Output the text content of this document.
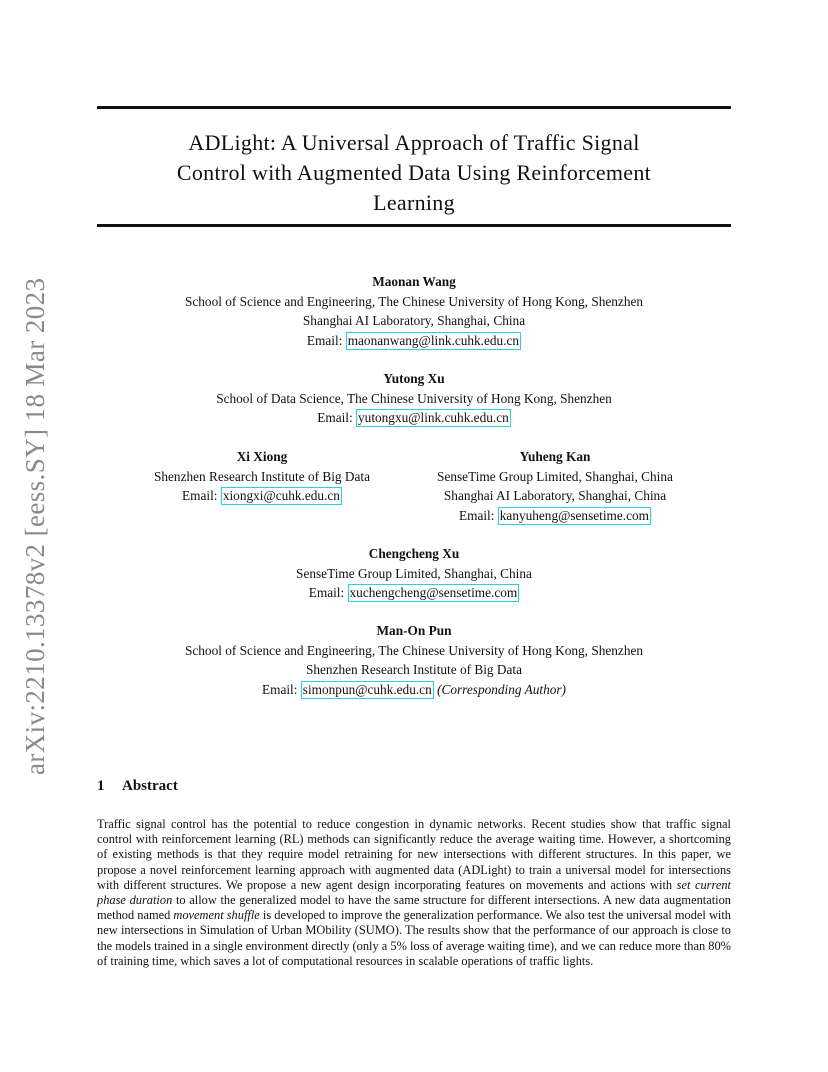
arXiv:2210.13378v2 [eess.SY] 18 Mar 2023
ADLight: A Universal Approach of Traffic Signal
Control with Augmented Data Using Reinforcement
Learning
Maonan Wang
School of Science and Engineering, The Chinese University of Hong Kong, Shenzhen
Shanghai AI Laboratory, Shanghai, China
Email: maonanwang@link.cuhk.edu.cn
Yutong Xu
School of Data Science, The Chinese University of Hong Kong, Shenzhen
Email: yutongxu@link.cuhk.edu.cn
Xi Xiong
Shenzhen Research Institute of Big Data
Email: xiongxi@cuhk.edu.cn
Yuheng Kan
SenseTime Group Limited, Shanghai, China
Shanghai AI Laboratory, Shanghai, China
Email: kanyuheng@sensetime.com
Chengcheng Xu
SenseTime Group Limited, Shanghai, China
Email: xuchengcheng@sensetime.com
Man-On Pun
School of Science and Engineering, The Chinese University of Hong Kong, Shenzhen
Shenzhen Research Institute of Big Data
Email: simonpun@cuhk.edu.cn (Corresponding Author)
1 Abstract
Traffic signal control has the potential to reduce congestion in dynamic networks. Recent studies show that traffic signal control with reinforcement learning (RL) methods can significantly reduce the average waiting time. However, a shortcoming of existing methods is that they require model retraining for new intersections with different structures. In this paper, we propose a novel reinforcement learning approach with augmented data (ADLight) to train a universal model for intersections with different structures. We propose a new agent design incorporating features on movements and actions with set current phase duration to allow the generalized model to have the same structure for different intersections. A new data augmentation method named movement shuffle is developed to improve the generalization performance. We also test the universal model with new intersections in Simulation of Urban MObility (SUMO). The results show that the performance of our approach is close to the models trained in a single environment directly (only a 5% loss of average waiting time), and we can reduce more than 80% of training time, which saves a lot of computational resources in scalable operations of traffic lights.
